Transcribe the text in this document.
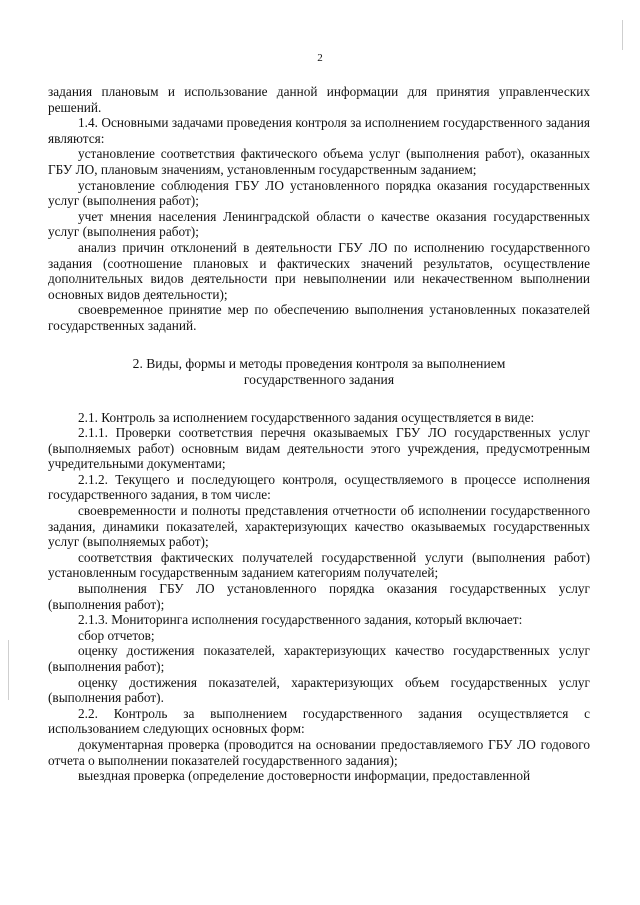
2

задания плановым и использование данной информации для принятия управленческих решений.

1.4. Основными задачами проведения контроля за исполнением государственного задания являются:

установление соответствия фактического объема услуг (выполнения работ), оказанных ГБУ ЛО, плановым значениям, установленным государственным заданием;

установление соблюдения ГБУ ЛО установленного порядка оказания государственных услуг (выполнения работ);

учет мнения населения Ленинградской области о качестве оказания государственных услуг (выполнения работ);

анализ причин отклонений в деятельности ГБУ ЛО по исполнению государственного задания (соотношение плановых и фактических значений результатов, осуществление дополнительных видов деятельности при невыполнении или некачественном выполнении основных видов деятельности);

своевременное принятие мер по обеспечению выполнения установленных показателей государственных заданий.

2. Виды, формы и методы проведения контроля за выполнением
государственного задания

2.1. Контроль за исполнением государственного задания осуществляется в виде:

2.1.1. Проверки соответствия перечня оказываемых ГБУ ЛО государственных услуг (выполняемых работ) основным видам деятельности этого учреждения, предусмотренным учредительными документами;

2.1.2. Текущего и последующего контроля, осуществляемого в процессе исполнения государственного задания, в том числе:

своевременности и полноты представления отчетности об исполнении государственного задания, динамики показателей, характеризующих качество оказываемых государственных услуг (выполняемых работ);

соответствия фактических получателей государственной услуги (выполнения работ) установленным государственным заданием категориям получателей;

выполнения ГБУ ЛО установленного порядка оказания государственных услуг (выполнения работ);

2.1.3. Мониторинга исполнения государственного задания, который включает:

сбор отчетов;

оценку достижения показателей, характеризующих качество государственных услуг (выполнения работ);

оценку достижения показателей, характеризующих объем государственных услуг (выполнения работ).

2.2. Контроль за выполнением государственного задания осуществляется с использованием следующих основных форм:

документарная проверка (проводится на основании предоставляемого ГБУ ЛО годового отчета о выполнении показателей государственного задания);

выездная проверка (определение достоверности информации, предоставленной
